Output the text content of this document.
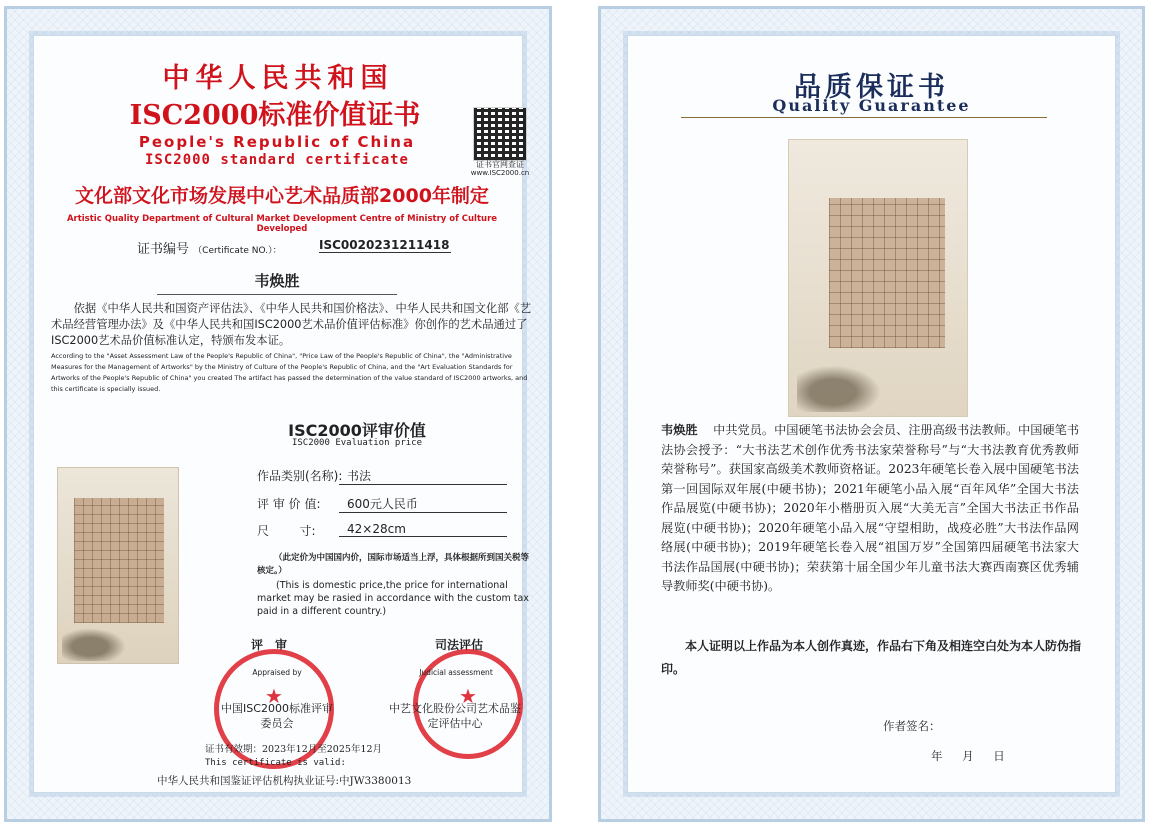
中华人民共和国
ISC2000标准价值证书
People's Republic of China
ISC2000 standard certificate	证书官网查证
www.ISC2000.cn
文化部文化市场发展中心艺术品质部2000年制定
Artistic Quality Department of Cultural Market Development Centre of Ministry of Culture Developed
证书编号 （Certificate NO.）：	ISC0020231211418
韦焕胜
依据《中华人民共和国资产评估法》、《中华人民共和国价格法》、中华人民共和国文化部《艺术品经营管理办法》及《中华人民共和国ISC2000艺术品价值评估标准》你创作的艺术品通过了ISC2000艺术品价值标准认定，特颁布发本证。
According to the "Asset Assessment Law of the People's Republic of China", "Price Law of the People's Republic of China", the "Administrative Measures for the Management of Artworks" by the Ministry of Culture of the People's Republic of China, and the "Art Evaluation Standards for Artworks of the People's Republic of China" you created The artifact has passed the determination of the value standard of ISC2000 artworks, and this certificate is specially issued.
ISC2000评审价值
ISC2000 Evaluation price
作品类别(名称): 书法
评 审 价 值:	600元人民币
尺        寸:	42×28cm
（此定价为中国国内价，国际市场适当上浮，具体根据所到国关税等核定。）
(This is domestic price,the price for international market may be rasied in accordance with the custom tax paid in a different country.)
评审	司法评估
★	★
Appraised by	Judicial assessment
中国ISC2000标准评审委员会
中艺文化股份公司艺术品鉴定评估中心
证书有效期：2023年12月至2025年12月
This certificate is valid:
中华人民共和国鉴证评估机构执业证号:中JW3380013
品质保证书
Quality Guarantee
韦焕胜 中共党员。中国硬笔书法协会会员、注册高级书法教师。中国硬笔书法协会授予：“大书法艺术创作优秀书法家荣誉称号”与“大书法教育优秀教师荣誉称号”。获国家高级美术教师资格证。2023年硬笔长卷入展中国硬笔书法第一回国际双年展(中硬书协)；2021年硬笔小品入展“百年风华”全国大书法作品展览(中硬书协)；2020年小楷册页入展“大美无言”全国大书法正书作品展览(中硬书协)；2020年硬笔小品入展“守望相助，战疫必胜”大书法作品网络展(中硬书协)；2019年硬笔长卷入展“祖国万岁”全国第四届硬笔书法家大书法作品国展(中硬书协)；荣获第十届全国少年儿童书法大赛西南赛区优秀辅导教师奖(中硬书协)。
本人证明以上作品为本人创作真迹，作品右下角及相连空白处为本人防伪指印。
作者签名：
年 月 日
